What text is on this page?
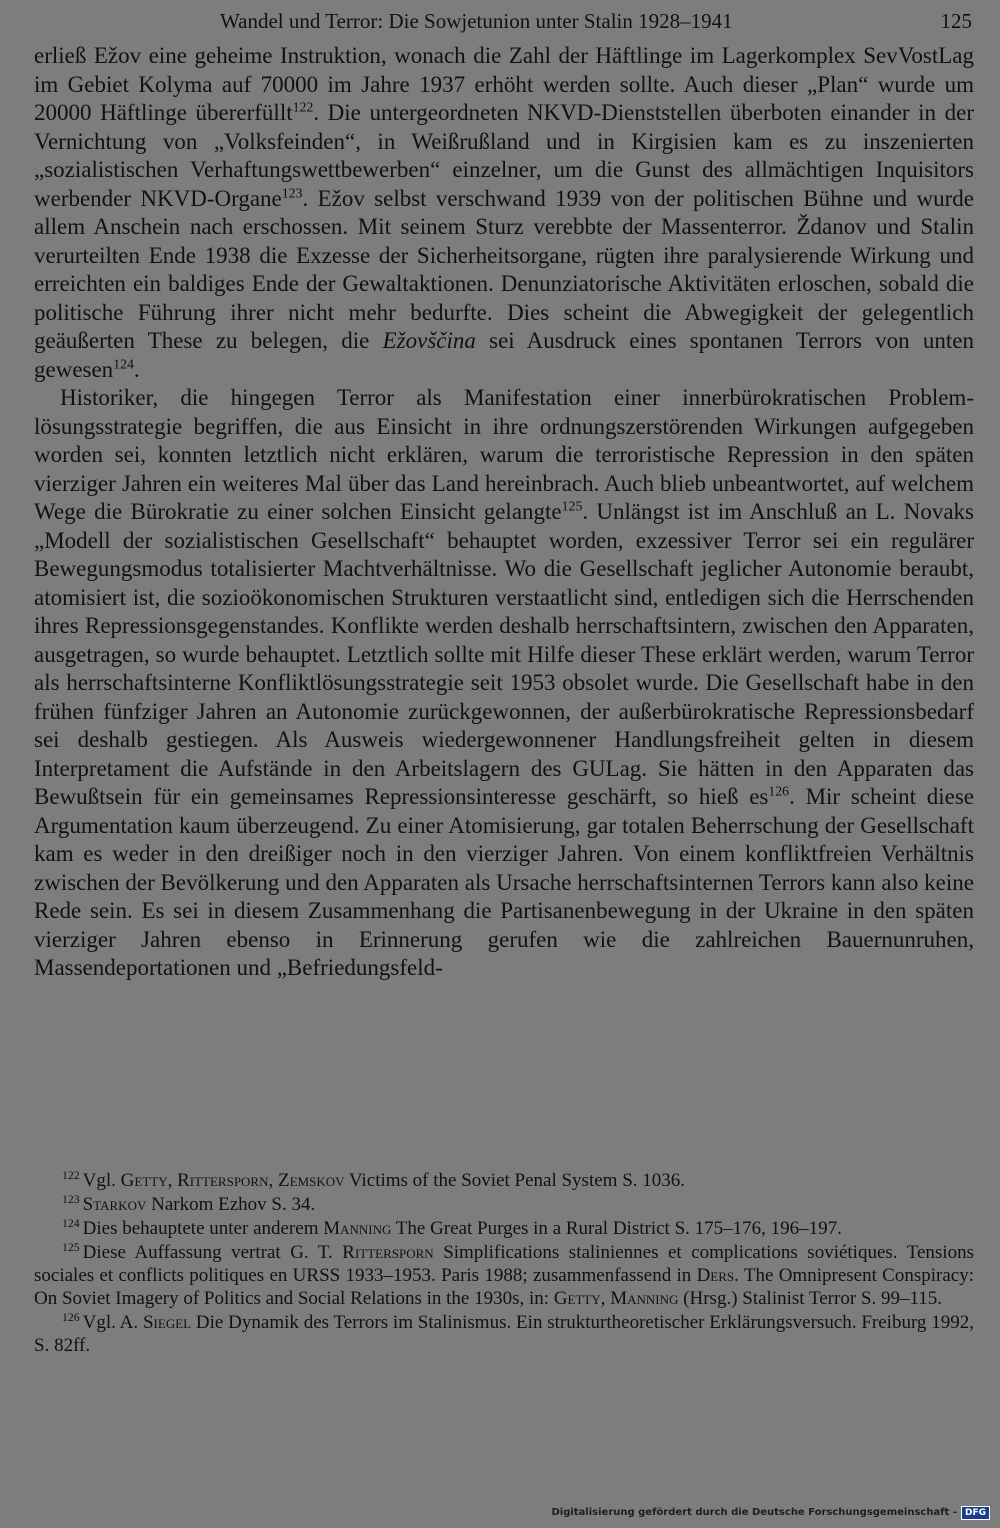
Wandel und Terror: Die Sowjetunion unter Stalin 1928–1941	125

erließ Ežov eine geheime Instruktion, wonach die Zahl der Häftlinge im Lagerkomplex SevVostLag im Gebiet Kolyma auf 70000 im Jahre 1937 erhöht werden sollte. Auch dieser „Plan“ wurde um 20000 Häftlinge übererfüllt$^{122}$. Die untergeordneten NKVD-Dienststellen überboten einander in der Vernichtung von „Volksfeinden“, in Weißrußland und in Kirgisien kam es zu inszenierten „sozialistischen Verhaftungswettbewerben“ einzelner, um die Gunst des allmächtigen Inquisitors werbender NKVD-Organe$^{123}$. Ežov selbst verschwand 1939 von der politischen Bühne und wurde allem Anschein nach erschossen. Mit seinem Sturz verebbte der Massenterror. Ždanov und Stalin verurteilten Ende 1938 die Exzesse der Sicherheitsorgane, rügten ihre paralysierende Wirkung und erreichten ein baldiges Ende der Gewaltaktionen. Denunziatorische Aktivitäten erloschen, sobald die politische Führung ihrer nicht mehr bedurfte. Dies scheint die Abwegigkeit der gelegentlich geäußerten These zu belegen, die Ežovščina sei Ausdruck eines spontanen Terrors von unten gewesen$^{124}$.

Historiker, die hingegen Terror als Manifestation einer innerbürokratischen Problemlösungsstrategie begriffen, die aus Einsicht in ihre ordnungszerstörenden Wirkungen aufgegeben worden sei, konnten letztlich nicht erklären, warum die terroristische Repression in den späten vierziger Jahren ein weiteres Mal über das Land hereinbrach. Auch blieb unbeantwortet, auf welchem Wege die Bürokratie zu einer solchen Einsicht gelangte$^{125}$. Unlängst ist im Anschluß an L. Novaks „Modell der sozialistischen Gesellschaft“ behauptet worden, exzessiver Terror sei ein regulärer Bewegungsmodus totalisierter Machtverhältnisse. Wo die Gesellschaft jeglicher Autonomie beraubt, atomisiert ist, die sozioökonomischen Strukturen verstaatlicht sind, entledigen sich die Herrschenden ihres Repressionsgegenstandes. Konflikte werden deshalb herrschaftsintern, zwischen den Apparaten, ausgetragen, so wurde behauptet. Letztlich sollte mit Hilfe dieser These erklärt werden, warum Terror als herrschaftsinterne Konfliktlösungsstrategie seit 1953 obsolet wurde. Die Gesellschaft habe in den frühen fünfziger Jahren an Autonomie zurückgewonnen, der außerbürokratische Repressionsbedarf sei deshalb gestiegen. Als Ausweis wiedergewonnener Handlungsfreiheit gelten in diesem Interpretament die Aufstände in den Arbeitslagern des GULag. Sie hätten in den Apparaten das Bewußtsein für ein gemeinsames Repressionsinteresse geschärft, so hieß $es^{126}$. Mir scheint diese Argumentation kaum überzeugend. Zu einer Atomisierung, gar totalen Beherrschung der Gesellschaft kam es weder in den dreißiger noch in den vierziger Jahren. Von einem konfliktfreien Verhältnis zwischen der Bevölkerung und den Apparaten als Ursache herrschaftsinternen Terrors kann also keine Rede sein. Es sei in diesem Zusammenhang die Partisanenbewegung in der Ukraine in den späten vierziger Jahren ebenso in Erinnerung gerufen wie die zahlreichen Bauernunruhen, Massendeportationen und „Befriedungsfeld-

$^{122}$ Vgl. Getty, Rittersporn, Zemskov Victims of the Soviet Penal System S. 1036.

$^{123}$ Starkov Narkom Ezhov S. 34.

$^{124}$ Dies behauptete unter anderem Manning The Great Purges in a Rural District S. 175–176, 196–197.

$^{125}$ Diese Auffassung vertrat G. T. Rittersporn Simplifications staliniennes et complications soviétiques. Tensions sociales et conflicts politiques en URSS 1933–1953. Paris 1988; zusammenfassend in Ders. The Omnipresent Conspiracy: On Soviet Imagery of Politics and Social Relations in the 1930s, in: Getty, Manning (Hrsg.) Stalinist Terror S. 99–115.

$^{126}$ Vgl. A. Siegel Die Dynamik des Terrors im Stalinismus. Ein strukturtheoretischer Erklärungsversuch. Freiburg 1992, S. 82ff.

Digitalisierung gefördert durch die Deutsche Forschungsgemeinschaft - DFG
